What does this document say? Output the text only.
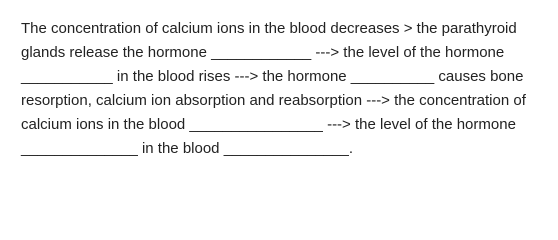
The concentration of calcium ions in the blood decreases > the parathyroid glands release the hormone ____________ ---> the level of the hormone ___________ in the blood rises ---> the hormone __________ causes bone resorption, calcium ion absorption and reabsorption ---> the concentration of calcium ions in the blood ________________ ---> the level of the hormone ______________ in the blood _______________.
